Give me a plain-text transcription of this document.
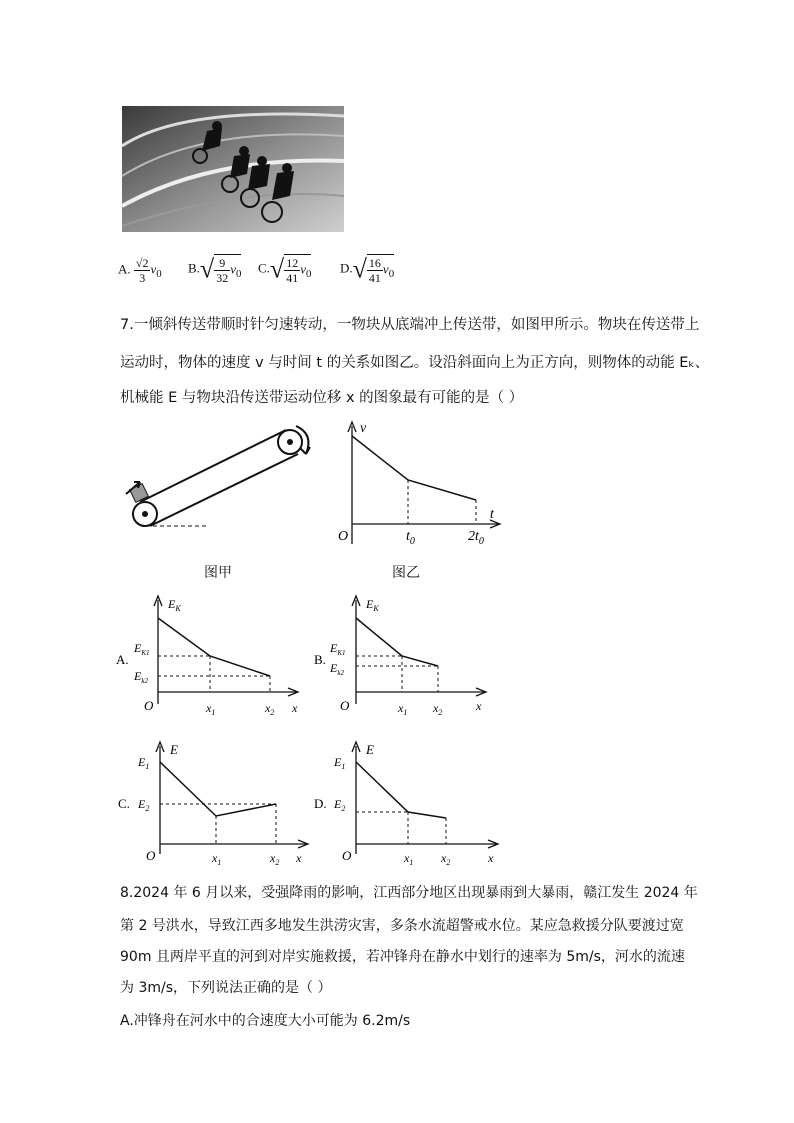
A. $\frac{√2}{3} v_0$ $B.√ \frac{9}{32} v_0$ $C.√ \frac{12}{41} v_0$ $D.√ \frac{16}{41} v_0$
7.一倾斜传送带顺时针匀速转动，一物块从底端冲上传送带，如图甲所示。物块在传送带上
运动时，物体的速度 v 与时间 t 的关系如图乙。设沿斜面向上为正方向，则物体的动能 Eₖ、
机械能 E 与物块沿传送带运动位移 x 的图象最有可能的是（ ）
图甲
v
O
t
$t_0$	$2t_0$
图乙
A.
$E_K$
$E_{K1}$
$E_{k2}$
O	$x_1$	$x_2$ x
B.
$E_K$
$E_{K1}$
$E_{k2}$
O	$x_1$ $x_2$	x
C.
E
$E_1$
$E_2$
O	$x_1$	$x_2$ x
D.
E
$E_1$
$E_2$
O	$x_1$ $x_2$	x
8.2024 年 6 月以来，受强降雨的影响，江西部分地区出现暴雨到大暴雨，赣江发生 2024 年
第 2 号洪水，导致江西多地发生洪涝灾害，多条水流超警戒水位。某应急救援分队要渡过宽
90m 且两岸平直的河到对岸实施救援，若冲锋舟在静水中划行的速率为 5m/s，河水的流速
为 3m/s，下列说法正确的是（ ）
A.冲锋舟在河水中的合速度大小可能为 6.2m/s
